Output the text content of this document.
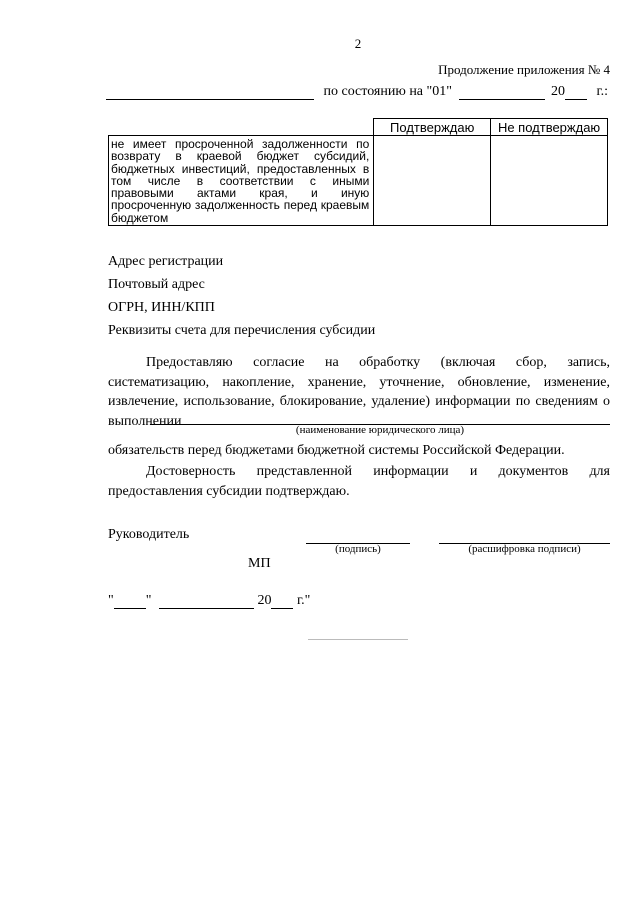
2
Продолжение приложения № 4
по состоянию на "01"	20 г.:
	Подтверждаю	Не подтверждаю
не имеет просроченной задолженности по возврату в краевой бюджет субсидий, бюджетных инвестиций, предоставленных в том числе в соответствии с иными правовыми актами края, и иную просроченную задолженность перед краевым бюджетом		
Адрес регистрации
Почтовый адрес
ОГРН, ИНН/КПП
Реквизиты счета для перечисления субсидии
Предоставляю согласие на обработку (включая сбор, запись, систематизацию, накопление, хранение, уточнение, обновление, изменение, извлечение, использование, блокирование, удаление) информации по сведениям о выполнении
(наименование юридического лица)
обязательств перед бюджетами бюджетной системы Российской Федерации.
Достоверность представленной информации и документов для предоставления субсидии подтверждаю.
Руководитель
(подпись)	(расшифровка подписи)
МП
" "	20 г."
